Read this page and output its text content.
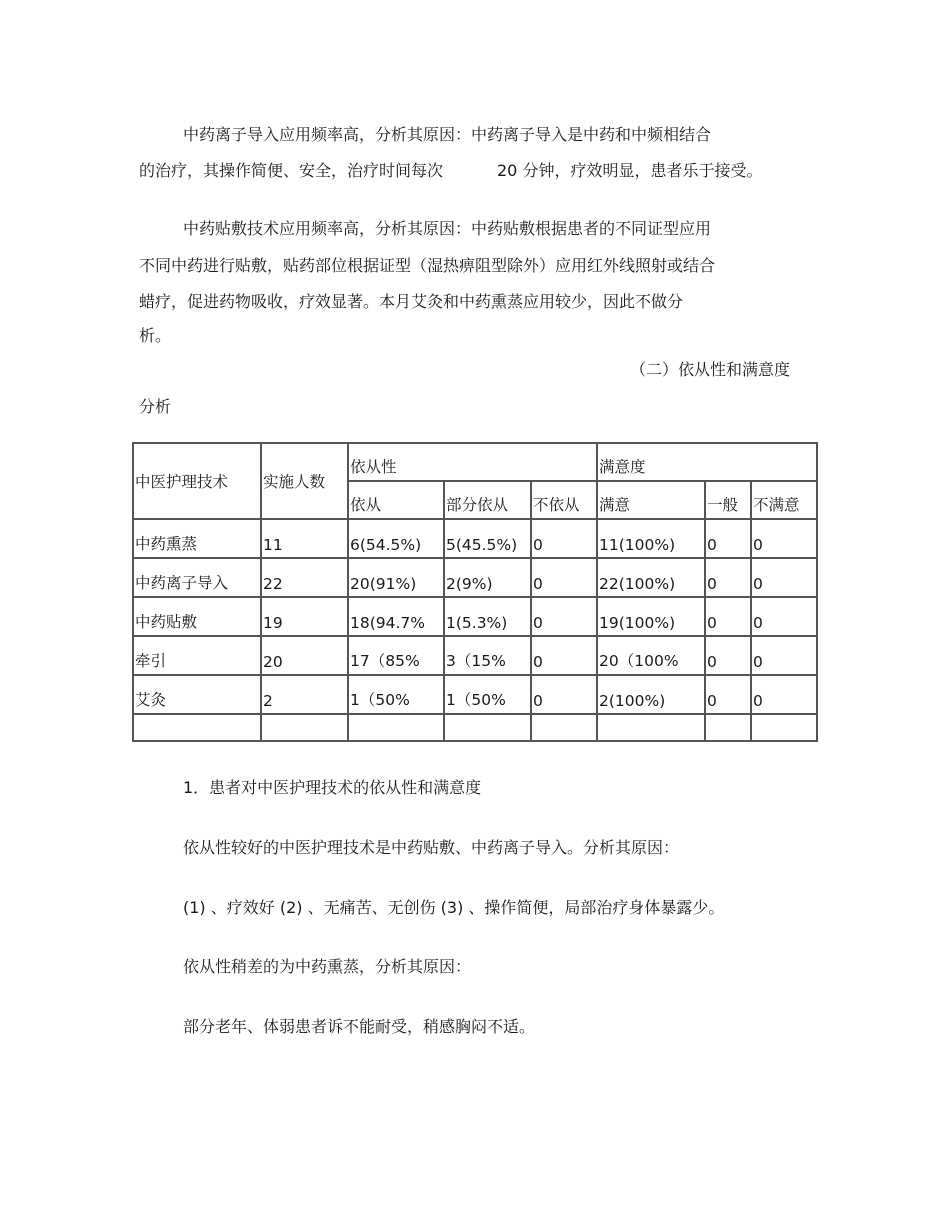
中药离子导入应用频率高，分析其原因：中药离子导入是中药和中频相结合
的治疗，其操作简便、安全，治疗时间每次	20 分钟，疗效明显，患者乐于接受。
中药贴敷技术应用频率高，分析其原因：中药贴敷根据患者的不同证型应用
不同中药进行贴敷，贴药部位根据证型（湿热痹阻型除外）应用红外线照射或结合
蜡疗，促进药物吸收，疗效显著。本月艾灸和中药熏蒸应用较少，因此不做分
析。
（二）依从性和满意度
分析
中医护理技术	实施人数	依从性			满意度		
		依从	部分依从	不依从	满意	一般	不满意
中药熏蒸	11	6(54.5%)	5(45.5%)	0	11(100%)	0	0
中药离子导入	22	20(91%)	2(9%)	0	22(100%)	0	0
中药贴敷	19	18(94.7%	1(5.3%)	0	19(100%)	0	0
牵引	20	17（85%	3（15%	0	20（100%	0	0
艾灸	2	1（50%	1（50%	0	2(100%)	0	0

1．患者对中医护理技术的依从性和满意度
依从性较好的中医护理技术是中药贴敷、中药离子导入。分析其原因：
(1) 、疗效好 (2) 、无痛苦、无创伤 (3) 、操作简便，局部治疗身体暴露少。
依从性稍差的为中药熏蒸，分析其原因：
部分老年、体弱患者诉不能耐受，稍感胸闷不适。
